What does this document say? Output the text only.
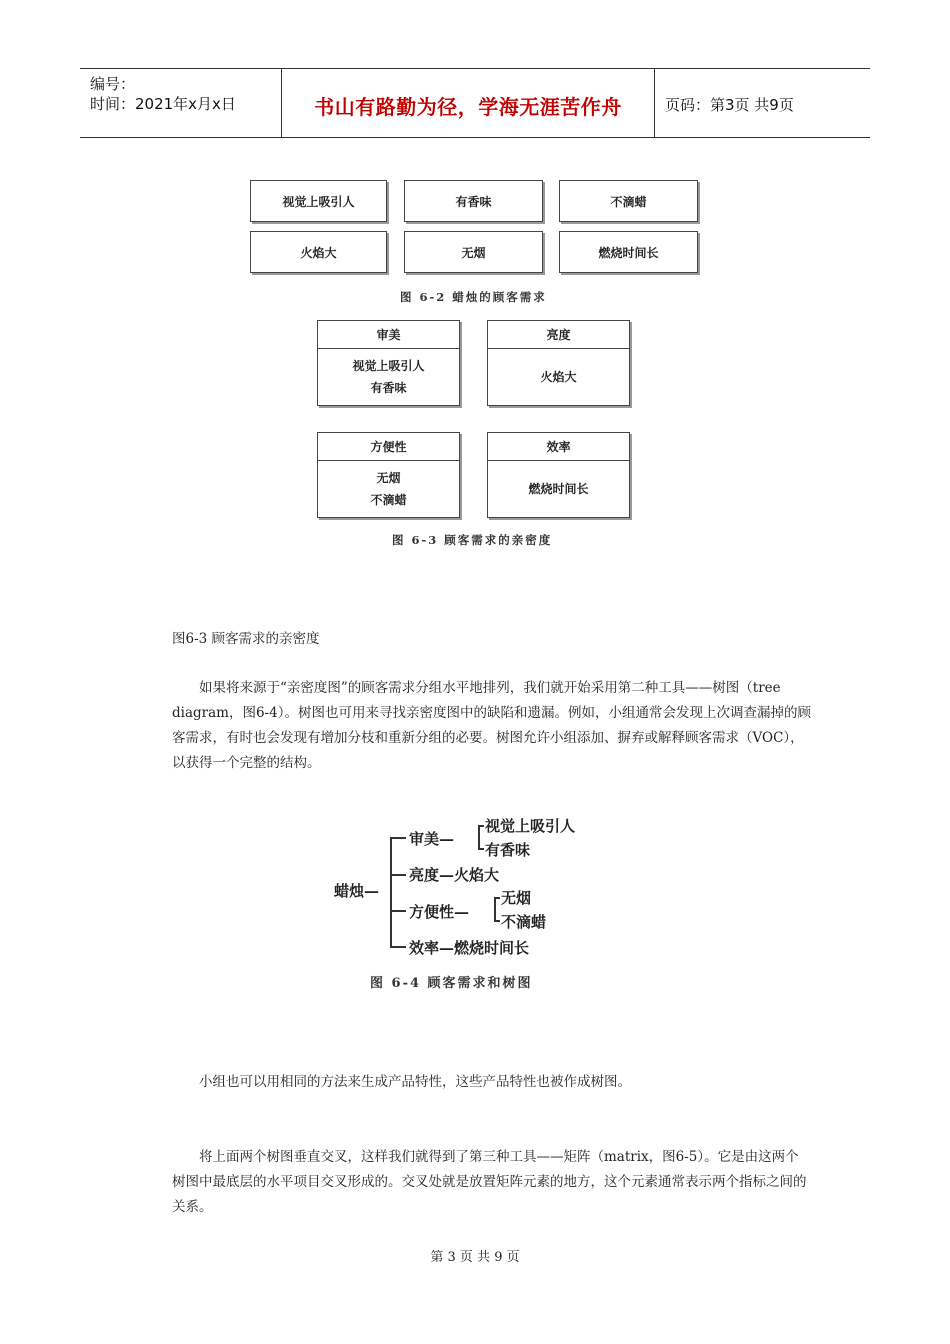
编号：
时间：2021年x月x日	书山有路勤为径，学海无涯苦作舟	页码：第3页 共9页
视觉上吸引人	有香味	不滴蜡
火焰大	无烟	燃烧时间长
图 6-2 蜡烛的顾客需求
审美
视觉上吸引人
有香味
亮度
火焰大
方便性
无烟
不滴蜡
效率
燃烧时间长
图 6-3 顾客需求的亲密度
图6-3 顾客需求的亲密度
如果将来源于“亲密度图”的顾客需求分组水平地排列，我们就开始采用第二种工具——树图（tree diagram，图6-4）。树图也可用来寻找亲密度图中的缺陷和遗漏。例如，小组通常会发现上次调查漏掉的顾客需求，有时也会发现有增加分枝和重新分组的必要。树图允许小组添加、摒弃或解释顾客需求（VOC），以获得一个完整的结构。
蜡烛—
审美—
亮度—火焰大
方便性—
效率—燃烧时间长
视觉上吸引人
有香味
无烟
不滴蜡
图 6-4 顾客需求和树图
小组也可以用相同的方法来生成产品特性，这些产品特性也被作成树图。
将上面两个树图垂直交叉，这样我们就得到了第三种工具——矩阵（matrix，图6-5）。它是由这两个树图中最底层的水平项目交叉形成的。交叉处就是放置矩阵元素的地方，这个元素通常表示两个指标之间的关系。
第 3 页 共 9 页
